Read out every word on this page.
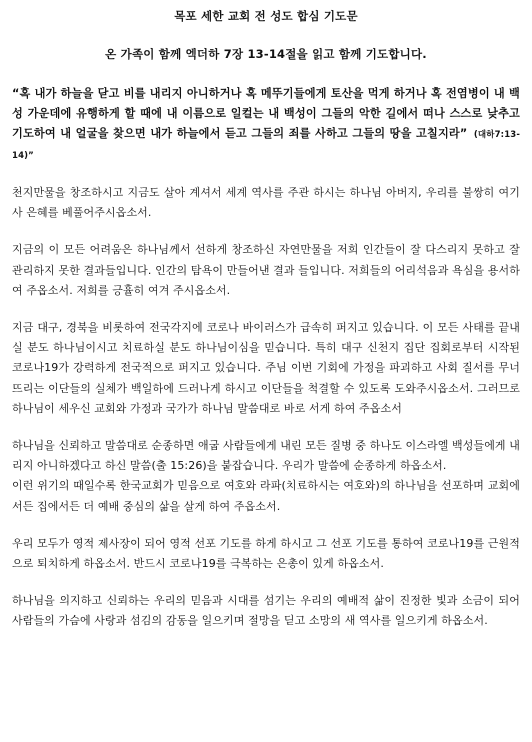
목포 세한 교회 전 성도 합심 기도문
온 가족이 함께 엑더하 7장 13-14절을 읽고 함께 기도합니다.

“혹 내가 하늘을 닫고 비를 내리지 아니하거나 혹 메뚜기들에게 토산을 먹게 하거나 혹 전염병이 내 백성 가운데에 유행하게 할 때에 내 이름으로 일컬는 내 백성이 그들의 악한 길에서 떠나 스스로 낮추고 기도하여 내 얼굴을 찾으면 내가 하늘에서 듣고 그들의 죄를 사하고 그들의 땅을 고칠지라” (대하7:13-14)”

천지만물을 창조하시고 지금도 살아 계셔서 세계 역사를 주관 하시는 하나님 아버지, 우리를 불쌍히 여기사 은혜를 베풀어주시옵소서.

지금의 이 모든 어려움은 하나님께서 선하게 창조하신 자연만물을 저희 인간들이 잘 다스리지 못하고 잘 관리하지 못한 결과들입니다. 인간의 탐욕이 만들어낸 결과 들입니다. 저희들의 어리석음과 욕심을 용서하여 주옵소서. 저희를 긍휼히 여겨 주시옵소서.

지금 대구, 경북을 비롯하여 전국각지에 코로나 바이러스가 급속히 퍼지고 있습니다. 이 모든 사태를 끝내실 분도 하나님이시고 치료하실 분도 하나님이심을 믿습니다. 특히 대구 신천지 집단 집회로부터 시작된 코로나19가 강력하게 전국적으로 퍼지고 있습니다. 주님 이번 기회에 가정을 파괴하고 사회 질서를 무너뜨리는 이단들의 실체가 백일하에 드러나게 하시고 이단들을 척결할 수 있도록 도와주시옵소서. 그러므로 하나님이 세우신 교회와 가정과 국가가 하나님 말씀대로 바로 서게 하여 주옵소서

하나님을 신뢰하고 말씀대로 순종하면 애굽 사람들에게 내린 모든 질병 중 하나도 이스라엘 백성들에게 내리지 아니하겠다고 하신 말씀(출 15:26)을 붙잡습니다. 우리가 말씀에 순종하게 하옵소서.

이런 위기의 때일수록 한국교회가 믿음으로 여호와 라파(치료하시는 여호와)의 하나님을 선포하며 교회에서든 집에서든 더 예배 중심의 삶을 살게 하여 주옵소서.

우리 모두가 영적 제사장이 되어 영적 선포 기도를 하게 하시고 그 선포 기도를 통하여 코로나19를 근원적으로 퇴치하게 하옵소서. 반드시 코로나19를 극복하는 은총이 있게 하옵소서.

하나님을 의지하고 신뢰하는 우리의 믿음과 시대를 섬기는 우리의 예배적 삶이 진정한 빛과 소금이 되어 사람들의 가슴에 사랑과 섬김의 감동을 일으키며 절망을 딛고 소망의 새 역사를 일으키게 하옵소서.
